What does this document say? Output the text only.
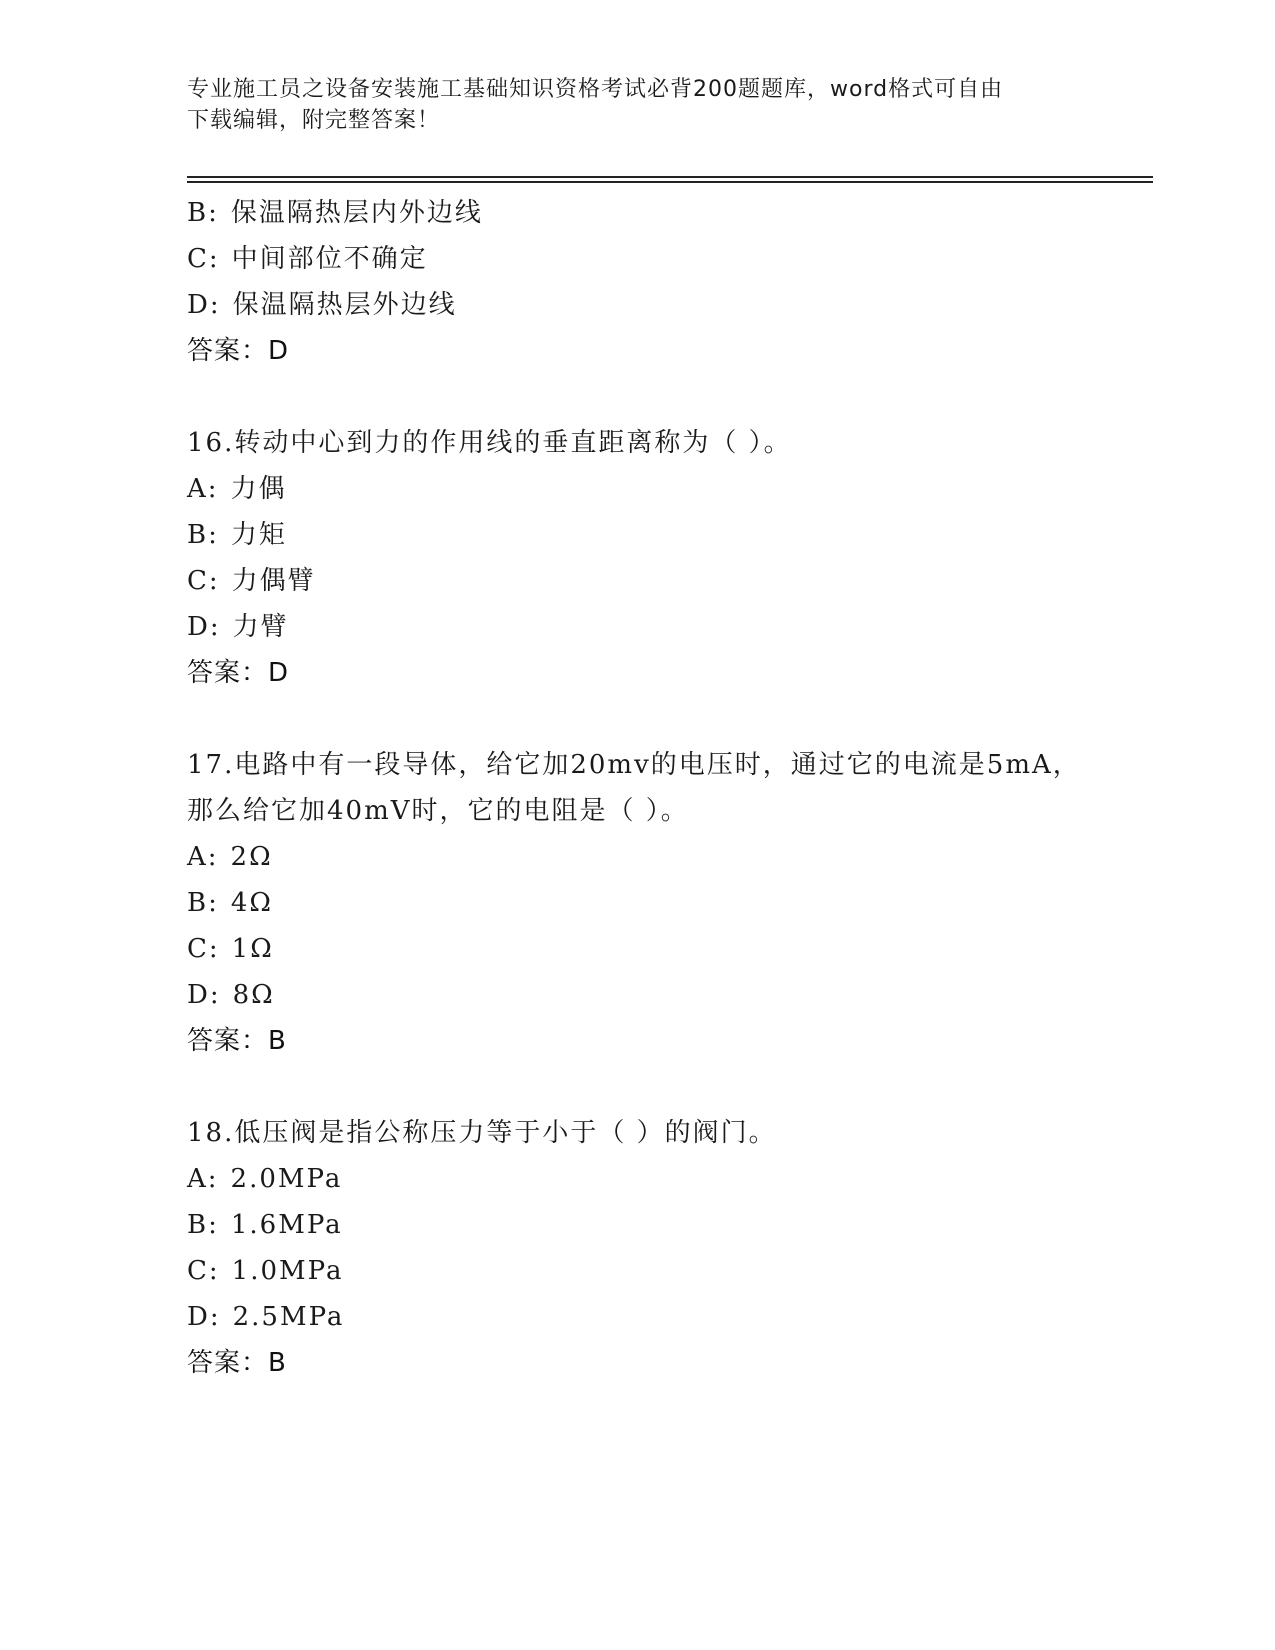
专业施工员之设备安装施工基础知识资格考试必背200题题库，word格式可自由
下载编辑，附完整答案！
B: 保温隔热层内外边线
C: 中间部位不确定
D: 保温隔热层外边线
答案：D
16.转动中心到力的作用线的垂直距离称为（ ）。
A: 力偶
B: 力矩
C: 力偶臂
D: 力臂
答案：D
17.电路中有一段导体，给它加20mv的电压时，通过它的电流是5mA，
那么给它加40mV时，它的电阻是（ ）。
A: 2Ω
B: 4Ω
C: 1Ω
D: 8Ω
答案：B
18.低压阀是指公称压力等于小于（ ）的阀门。
A: 2.0MPa
B: 1.6MPa
C: 1.0MPa
D: 2.5MPa
答案：B
